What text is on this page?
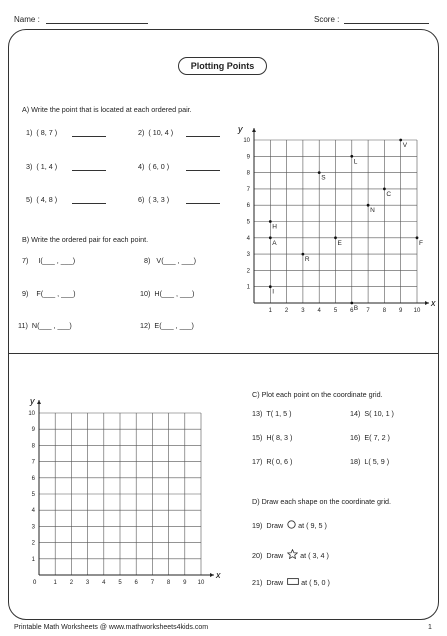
Name :	Score :
Plotting Points
A) Write the point that is located at each ordered pair.
1) ( 8, 7 )	2) ( 10, 4 )
3) ( 1, 4 )	4) ( 6, 0 )
5) ( 4, 8 )	6) ( 3, 3 )
B) Write the ordered pair for each point.
7) I(___ , ___)	8) V(___ , ___)
9) F(___ , ___)	10) H(___ , ___)
11) N(___ , ___)	12) E(___ , ___)
1
1
2
2
3
3
4
4
5
5
6
6
7
7
8
8
9
9
10
10
V
L
S
C
N
H
A	E	F
R
I
B
x
y
1
1
2
2
3
3
4
4
5
5
6
6
7
7
8
8
9
9
10
10
x
y
0
C) Plot each point on the coordinate grid.
13) T( 1, 5 )	14) S( 10, 1 )
15) H( 8, 3 )	16) E( 7, 2 )
17) R( 0, 6 )	18) L( 5, 9 )
D) Draw each shape on the coordinate grid.
19) Draw at ( 9, 5 )
20) Draw at ( 3, 4 )
21) Draw	at ( 5, 0 )
Printable Math Worksheets @ www.mathworksheets4kids.com	1
